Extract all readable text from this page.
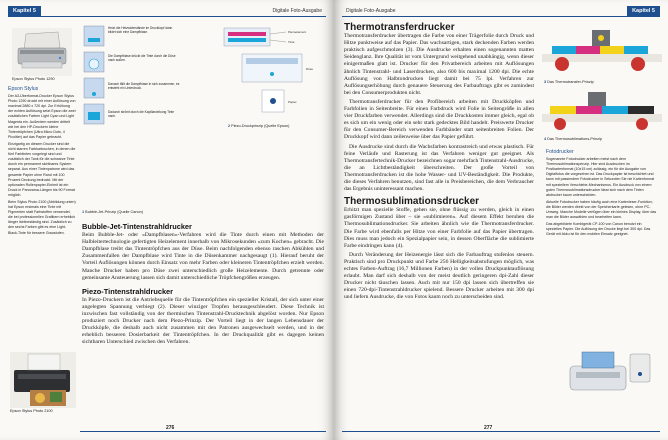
Kapitel 5	Digitale Foto-Ausgabe
Epson Stylus Photo 1290
Epson Stylus

Der A3-Überformat-Drucker Epson Stylus Photo 1290 druckt mit einer Auflösung von maximal 2880 x 720 dpi. Zur Erhöhung der echten Auflösung setzt Epson die zwei zusätzlichen Farben Light Cyan und Light Magenta ein. Außerdem werden drittelt wie bei den HP-Druckern kleine Tintentröpfchen (Ultra Micro Dots, 4 Picoliter) auf das Papier gebracht.

Einzigartig an diesem Drucker sind die nicht starren Farbkartuschen, in denen die fünf Farbtinten vorgelegt sind und zusätzlich der Tank für die schwarze Tinte durch ein permanent sichtbares System separat. Aus einer Tintenpatrone wird das gesamte Papier ohne Rand mit 100 Prozent Deckung bedruckt. Mit der optionalen Rollenpapier-Einheit ist ein Druck in Panorama-Längen bis 90 Format möglich.

Beim Stylus Photo 2100 (Abbildung unten) hat Epson erstmals eine Tinte mit Pigmenten statt Farbstoffen verwendet, die bei professionellen Grafikern erheblich länger lichtbeständig sind. Zusätzlich zu den sechs Farben gibt es eine Light-Black-Tinte für bessere Graustufen.

Epson Stylus Photo 2100

Heizt die Heizwiderstände im Druckkopf dann bildet sich eine Dampfblase.

Die Dampfblase drückt die Tinte durch die Düse nach außen.

Danach fällt die Dampfblase in sich zusammen, es entsteht ein Unterdruck.

Dadurch strömt durch die Kapillarwirkung Tinte nach.

1 Bubble-Jet-Prinzip (Quelle Canon)
Piezoelement
Tinte
Düse
Papier
2 Piezo-Druckprinzip (Quelle Epson)
Bubble-Jet-Tintenstrahldrucker

Beim Bubble-Jet- oder »Dampfblasen«-Verfahren wird die Tinte durch einen mit Methoden der Halbleitertechnologie gefertigten Heizelement innerhalb von Mikrosekunden »zum Kochen« gebracht. Die Dampfblase treibt das Tintentröpfchen aus der Düse. Beim nachfolgenden ebenso raschen Abkühlen und Zusammenfallen der Dampfblase wird Tinte in die Düsenkammer nachgesaugt (1). Hierauf beruht der Vorteil Auflösungen können durch Einsatz von mehr Farben oder kleineren Tintentröpfchen erzielt werden. Manche Drucker haben pro Düse zwei unterschiedlich große Heizelemente. Durch getrennte oder gemeinsame Ansteuerung lassen sich damit unterschiedliche Tröpfchengrößen erzeugen.

Piezo-Tintenstrahldrucker

In Piezo-Druckern ist die Antriebsquelle für die Tintentröpfchen ein spezieller Kristall, der sich unter einer angelegten Spannung verbiegt (2). Dieser winziger Tropfen herausgeschleudert. Diese Technik ist inzwischen fast vollständig von der thermischen Tintenstrahl-Drucktechnik abgelöst worden. Nur Epson produziert noch Drucker nach dem Piezo-Prinzip. Der Vorteil liegt in der langen Lebensdauer der Druckköpfe, die deshalb auch nicht zusammen mit den Patronen ausgewechselt werden, und in der erheblich besseren Dosierbarkeit der Tintentröpfchen. In der Druckqualität gibt es dagegen keinen sichtbaren Unterschied zwischen den Verfahren.

276
Digitale Foto-Ausgabe	Kapitel 5
Thermotransferdrucker

Thermotransferdrucker übertragen die Farbe von einer Trägerfolie durch Druck und Hitze punktweise auf das Papier. Das wachsartigen, stark deckenden Farben werden praktisch aufgeschmolzen (3). Die Ausdrucke erhalten einen sogenannten matten Seidenglanz. Ihre Qualität ist vom Untergrund weitgehend unabhängig, wenn dieser einigermaßen glatt ist. Drucker für den Privatbereich arbeiten mit Auflösungen ähnlich Tintenstrahl- und Laserdrucken, also 600 bis maximal 1200 dpi. Die echte Auflösung von Halbtondrucken liegt damit bei 75 lpi. Verfahren zur Auflösungserhöhung durch genauere Steuerung des Farbauftrags gibt es zumindest bei den Consumerprodukten nicht.

Thermotransferdrucker für den Profibereich arbeiten mit Druckköpfen und Farbfolien in Seitenbreite. Für einen Farbdruck wird Folie in Seitengröße in allen vier Druckfarben verwendet. Allerdings sind die Druckkosten immer gleich, egal ob es sich um ein wenig oder ein sehr stark gedecktes Bild handelt. Preiswerte Drucker für den Consumer-Bereich verwenden Farbbänder statt seitenbreiten Folien. Der Druckkopf wird dann zeilenweise über das Papier geführt.

Die Ausdrucke sind durch die Wachsfarben kontrastreich und etwas plastisch. Für feine Verläufe und Rasterung ist das Verfahren weniger gut geeignet. Als Thermotransfertechnik-Drucker bezeichnen sogar mehrfach Tintenstrahl-Ausdrucke, die an Lichtbeständigkeit überschreiten. Der große Vorteil von Thermotransferdrucken ist die hohe Wasser- und UV-Beständigkeit. Die Produkte, die dieses Verfahren benutzen, sind fast alle in Preisbereichen, die dem Verbraucher das Ergebnis uninteressant machen.

Thermosublimationsdrucker

Erhitzt man spezielle Stoffe, gehen sie, ohne flüssig zu werden, gleich in einen gasförmigen Zustand über – sie »sublimieren«. Auf diesem Effekt beruhen die Thermosublimationsdrucker. Sie arbeiten ähnlich wie die Thermotransferdrucker. Die Farbe wird ebenfalls per Hitze von einer Farbfolie auf das Papier übertragen. Dies muss man jedoch ein Spezialpapier sein, in dessen Oberfläche die sublimierte Farbe eindringen kann (4).

Durch Veränderung der Heizenergie lässt sich die Farbauftrag stufenlos steuern. Praktisch sind pro Druckpunkt und Farbe 256 Helligkeitsabstufungen möglich, was echtes Farben-Auftrag (16,7 Millionen Farben) in der vollen Druckpunktauflösung erlaubt. Man darf sich deshalb von der meist deutlich geringeren dpi-Zahl dieser Drucker nicht täuschen lassen. Auch mit nur 150 dpi lassen sich übertreffen sie einen 720-dpi-Tintenstrahldrucker spielend. Bessere Drucker arbeiten mit 300 dpi und liefern Ausdrucke, die von Fotos kaum noch zu unterscheiden sind.

3 Das Thermotransfer-Prinzip
4 Das Thermosublimations-Prinzip
Fotodrucker

Sogenannte Fotodrucker arbeiten meist nach dem Thermosublimationsprinzip. Hier sind Ausdrucken im Postkartenformat (10x15 cm) zulässig, ein für die Ausgabe von Digitalfotos die vorgesehen ist. Das Druckpapier ist beschichtet und kann mit passendem Fotodrucker in Sekunden Sie nie Kartenformat mit speziellem Verschiebe-Mechanismus. Ein Ausdruck von einem guten Thermosublimationsdrucker lässt sich nach dem Tinten abdrucker kaum unterscheiden.

Aktuelle Fotodrucker haben häufig auch eine Kartenleser-Funktion; die Bilder werden direkt von der Speicherkarte gelesen, ohne PC-Umweg. Manche Modelle verfügen über ein kleines Display, über das man die Bilder auswählen und bearbeiten kann.

Das abgebildete Kombigerät CP-100 von Canon benutzt ein spezielles Papier. Die Auflösung der Drucke liegt bei 300 dpi. Das Gerät mit Akku ist für den mobilen Einsatz geeignet.

277
